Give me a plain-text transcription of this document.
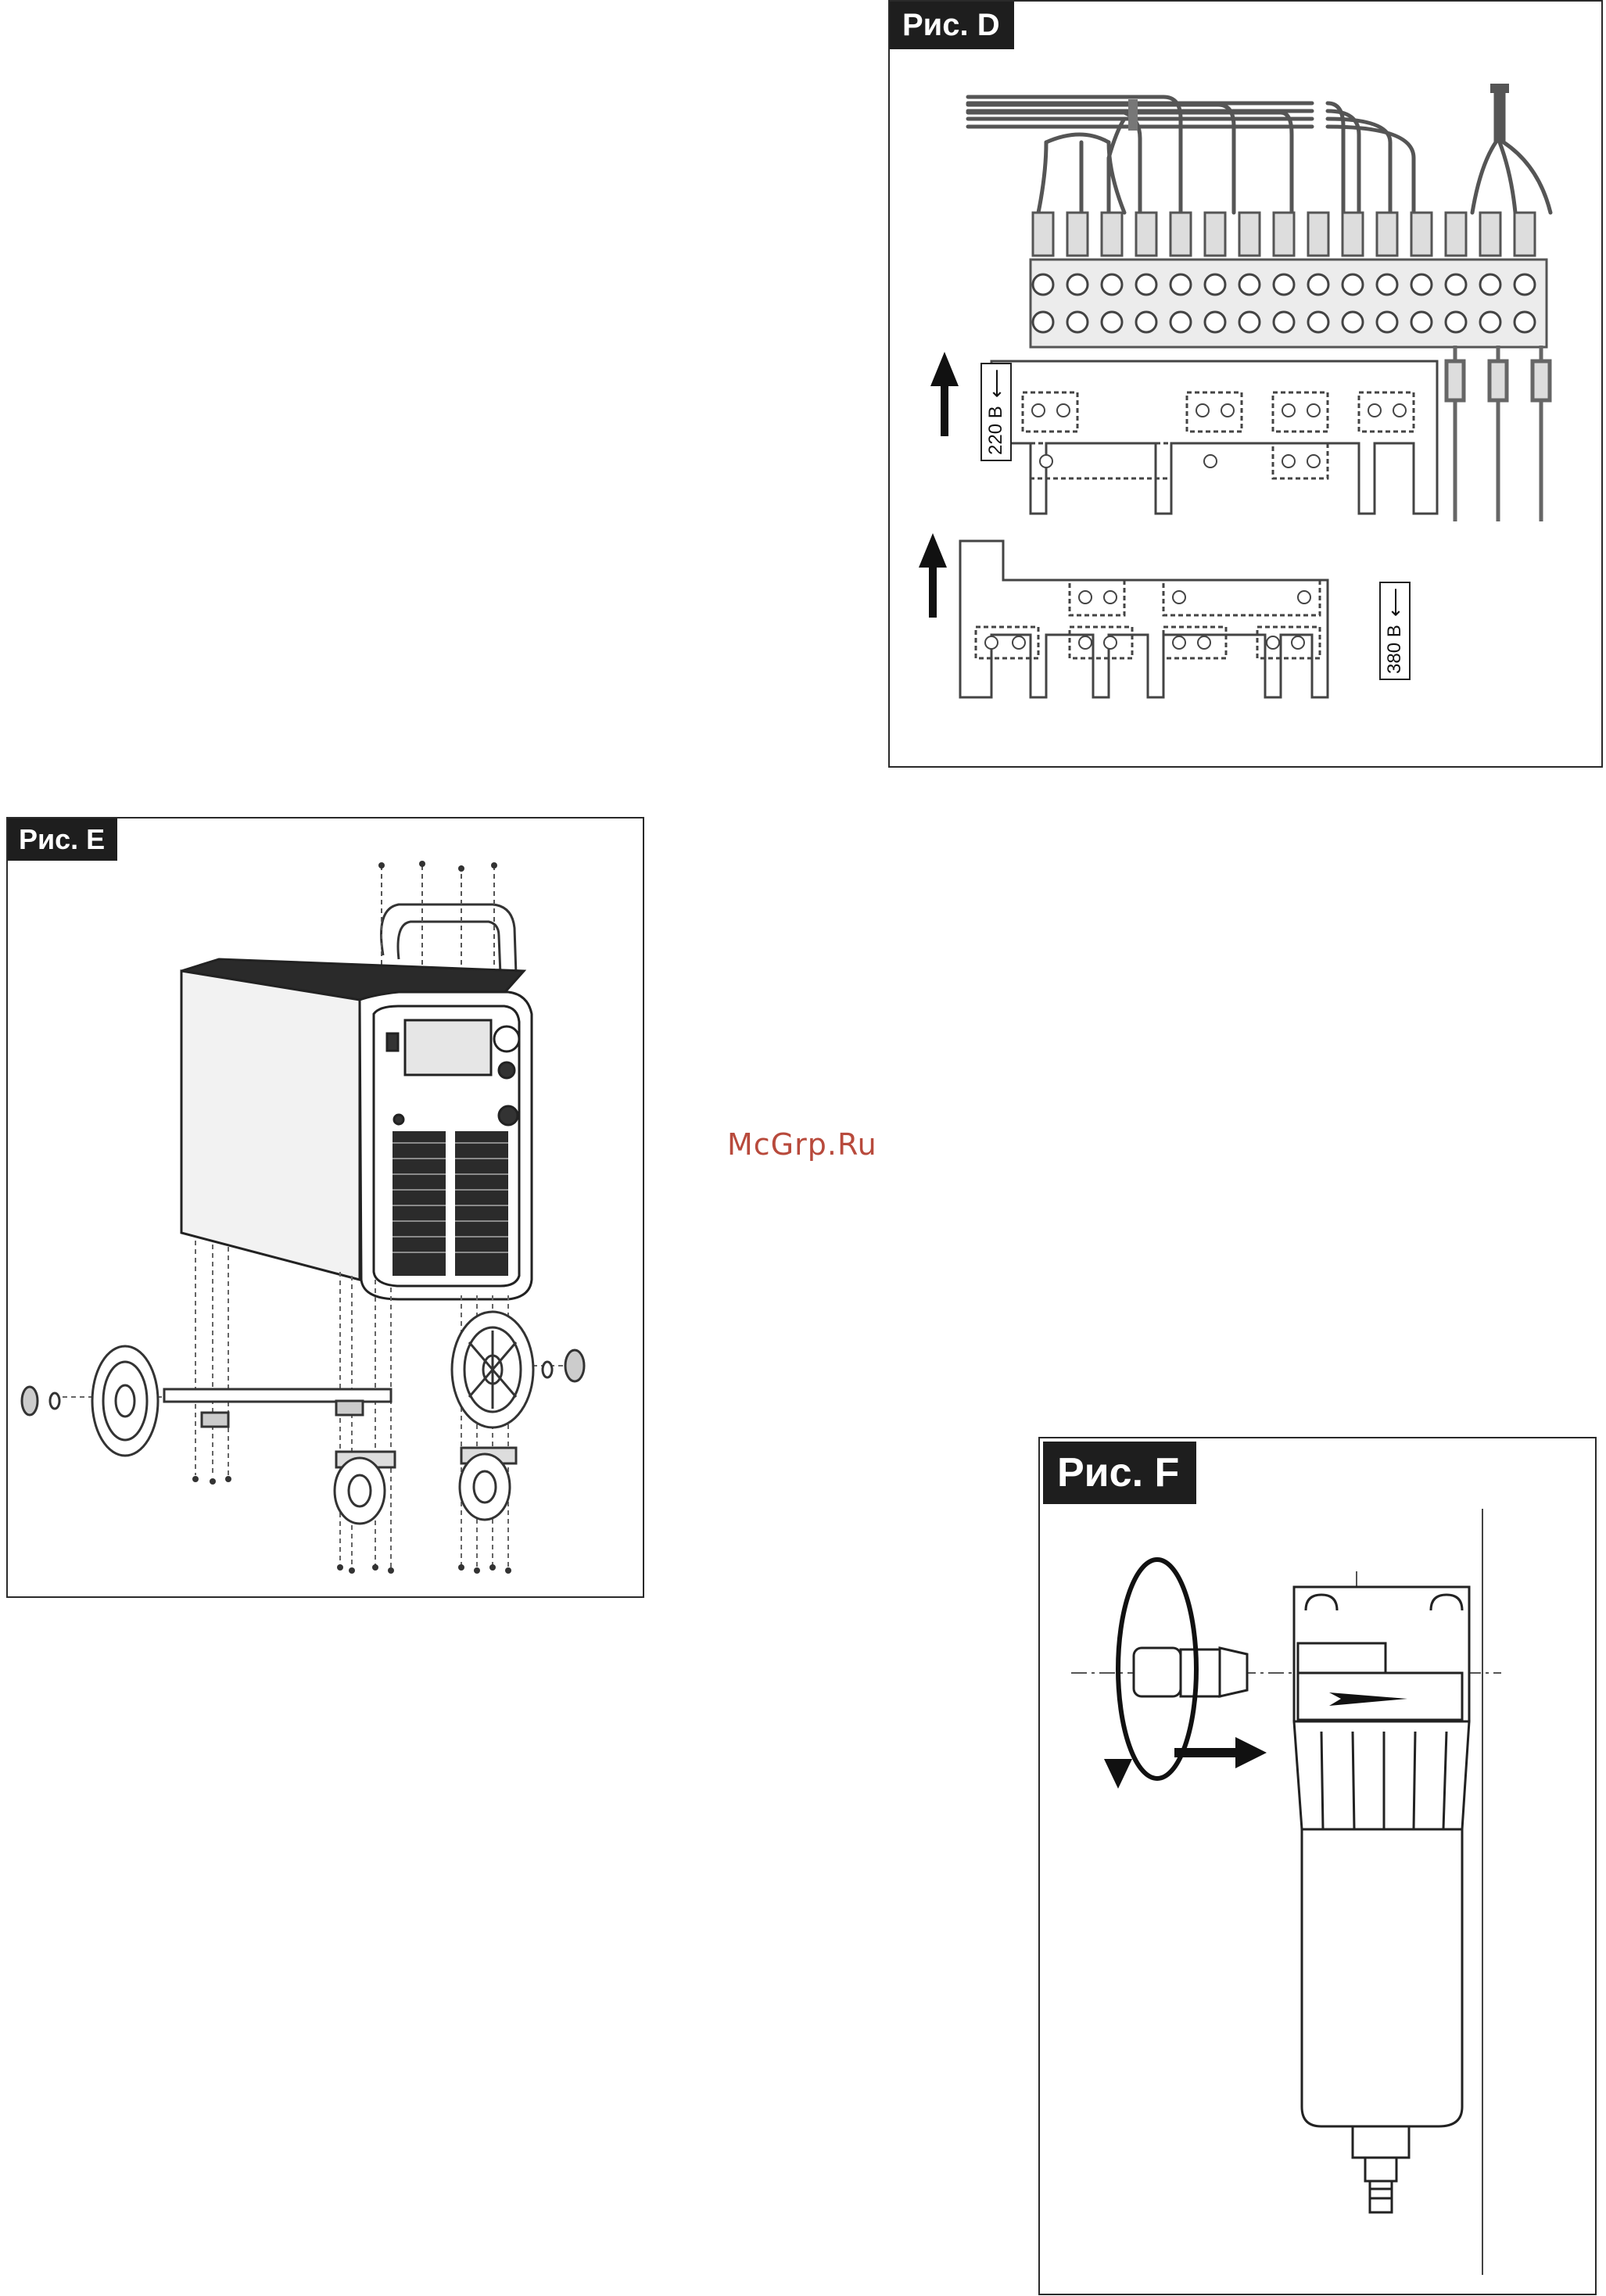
Рис. D
220 В
⟵
380 В
⟵
Рис. E
McGrp.Ru
Рис. F
